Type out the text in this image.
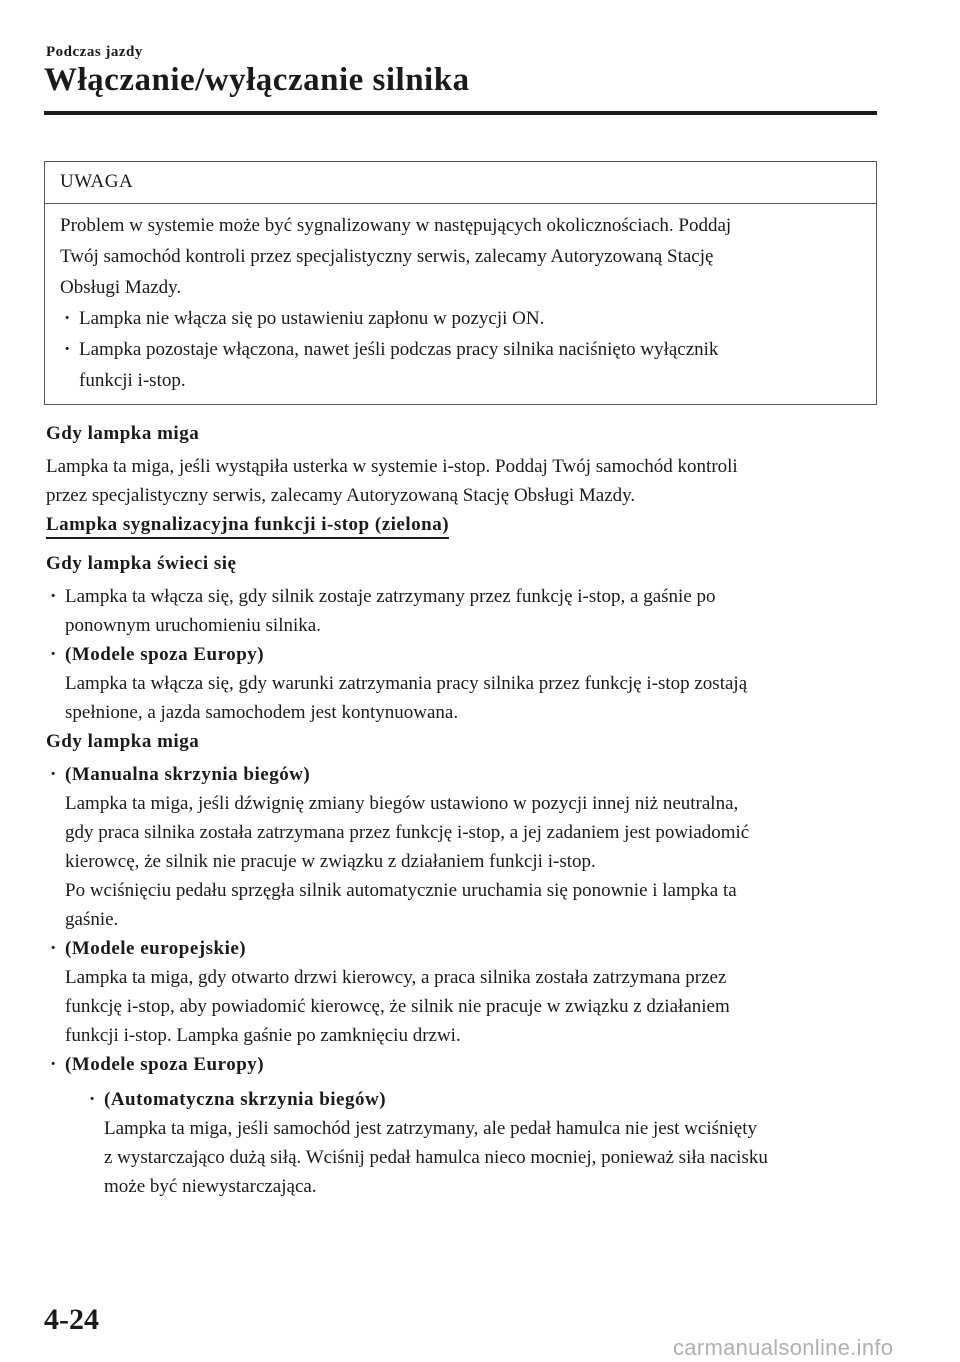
Podczas jazdy
Włączanie/wyłączanie silnika
UWAGA

Problem w systemie może być sygnalizowany w następujących okolicznościach. Poddaj
Twój samochód kontroli przez specjalistyczny serwis, zalecamy Autoryzowaną Stację
Obsługi Mazdy.

· Lampka nie włącza się po ustawieniu zapłonu w pozycji ON.
· Lampka pozostaje włączona, nawet jeśli podczas pracy silnika naciśnięto wyłącznik
funkcji i-stop.

Gdy lampka miga

Lampka ta miga, jeśli wystąpiła usterka w systemie i-stop. Poddaj Twój samochód kontroli
przez specjalistyczny serwis, zalecamy Autoryzowaną Stację Obsługi Mazdy.

Lampka sygnalizacyjna funkcji i-stop (zielona)

Gdy lampka świeci się

· Lampka ta włącza się, gdy silnik zostaje zatrzymany przez funkcję i-stop, a gaśnie po
ponownym uruchomieniu silnika.
· (Modele spoza Europy)
Lampka ta włącza się, gdy warunki zatrzymania pracy silnika przez funkcję i-stop zostają
spełnione, a jazda samochodem jest kontynuowana.

Gdy lampka miga

· (Manualna skrzynia biegów)
Lampka ta miga, jeśli dźwignię zmiany biegów ustawiono w pozycji innej niż neutralna,
gdy praca silnika została zatrzymana przez funkcję i-stop, a jej zadaniem jest powiadomić
kierowcę, że silnik nie pracuje w związku z działaniem funkcji i-stop.
Po wciśnięciu pedału sprzęgła silnik automatycznie uruchamia się ponownie i lampka ta
gaśnie.
· (Modele europejskie)
Lampka ta miga, gdy otwarto drzwi kierowcy, a praca silnika została zatrzymana przez
funkcję i-stop, aby powiadomić kierowcę, że silnik nie pracuje w związku z działaniem
funkcji i-stop. Lampka gaśnie po zamknięciu drzwi.
· (Modele spoza Europy)
· (Automatyczna skrzynia biegów)
Lampka ta miga, jeśli samochód jest zatrzymany, ale pedał hamulca nie jest wciśnięty
z wystarczająco dużą siłą. Wciśnij pedał hamulca nieco mocniej, ponieważ siła nacisku
może być niewystarczająca.
4-24
carmanualsonline.info
